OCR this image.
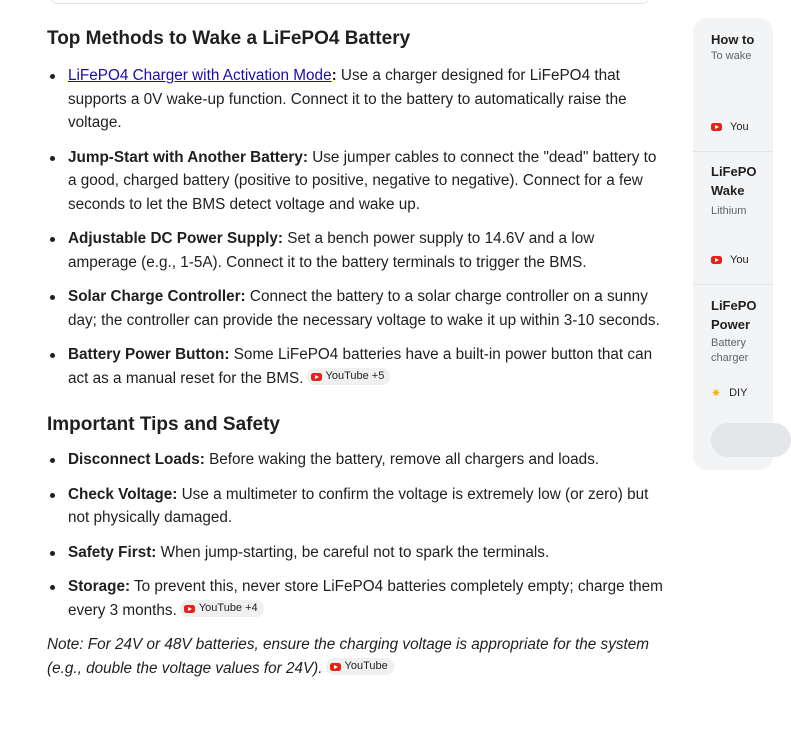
Top Methods to Wake a LiFePO4 Battery
LiFePO4 Charger with Activation Mode: Use a charger designed for LiFePO4 that supports a 0V wake-up function. Connect it to the battery to automatically raise the voltage.
Jump-Start with Another Battery: Use jumper cables to connect the "dead" battery to a good, charged battery (positive to positive, negative to negative). Connect for a few seconds to let the BMS detect voltage and wake up.
Adjustable DC Power Supply: Set a bench power supply to 14.6V and a low amperage (e.g., 1-5A). Connect it to the battery terminals to trigger the BMS.
Solar Charge Controller: Connect the battery to a solar charge controller on a sunny day; the controller can provide the necessary voltage to wake it up within 3-10 seconds.
Battery Power Button: Some LiFePO4 batteries have a built-in power button that can act as a manual reset for the BMS. YouTube +5
Important Tips and Safety
Disconnect Loads: Before waking the battery, remove all chargers and loads.
Check Voltage: Use a multimeter to confirm the voltage is extremely low (or zero) but not physically damaged.
Safety First: When jump-starting, be careful not to spark the terminals.
Storage: To prevent this, never store LiFePO4 batteries completely empty; charge them every 3 months. YouTube +4

Note: For 24V or 48V batteries, ensure the charging voltage is appropriate for the system (e.g., double the voltage values for 24V). YouTube

How to
To wake
You
LiFePO
Wake
Lithium
You
LiFePO
Power
Battery
charger
✷ DIY
